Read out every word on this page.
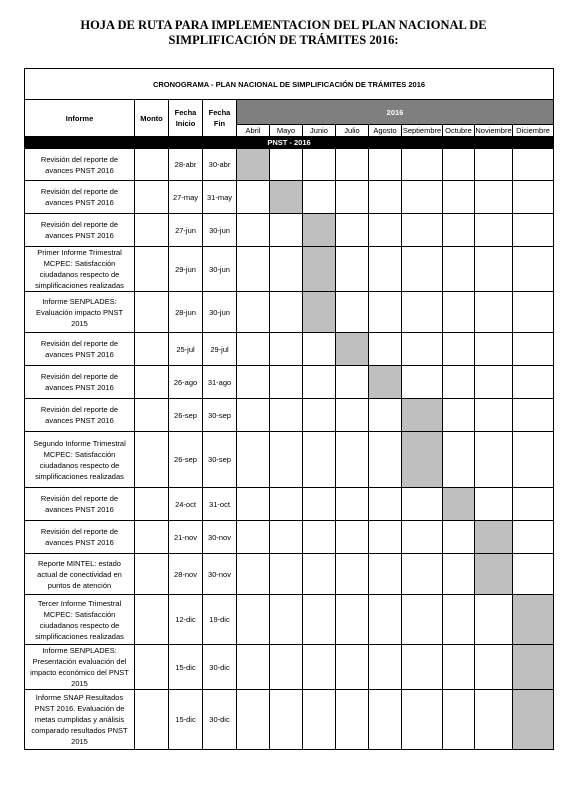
HOJA DE RUTA PARA IMPLEMENTACION DEL PLAN NACIONAL DE
SIMPLIFICACIÓN DE TRÁMITES 2016:

CRONOGRAMA - PLAN NACIONAL DE SIMPLIFICACIÓN DE TRÁMITES 2016												
Informe	Monto	Fecha Inicio	Fecha Fin	2016								
				Abril	Mayo	Junio	Julio	Agosto	Septiembre	Octubre	Noviembre	Diciembre
PNST - 2016												
Revisión del reporte de avances PNST 2016		28-abr	30-abr									
Revisión del reporte de avances PNST 2016		27-may	31-may									
Revisión del reporte de avances PNST 2016		27-jun	30-jun									
Primer Informe Trimestral MCPEC: Satisfacción ciudadanos respecto de simplificaciones realizadas		29-jun	30-jun									
Informe SENPLADES: Evaluación impacto PNST 2015		28-jun	30-jun									
Revisión del reporte de avances PNST 2016		25-jul	29-jul									
Revisión del reporte de avances PNST 2016		26-ago	31-ago									
Revisión del reporte de avances PNST 2016		26-sep	30-sep									
Segundo Informe Trimestral MCPEC: Satisfacción ciudadanos respecto de simplificaciones realizadas		26-sep	30-sep									
Revisión del reporte de avances PNST 2016		24-oct	31-oct									
Revisión del reporte de avances PNST 2016		21-nov	30-nov									
Reporte MINTEL: estado actual de conectividad en puntos de atención		28-nov	30-nov									
Tercer Informe Trimestral MCPEC: Satisfacción ciudadanos respecto de simplificaciones realizadas		12-dic	19-dic									
Informe SENPLADES: Presentación evaluación del impacto económico del PNST 2015		15-dic	30-dic									
Informe SNAP Resultados PNST 2016. Evaluación de metas cumplidas y análisis comparado resultados PNST 2015		15-dic	30-dic									
